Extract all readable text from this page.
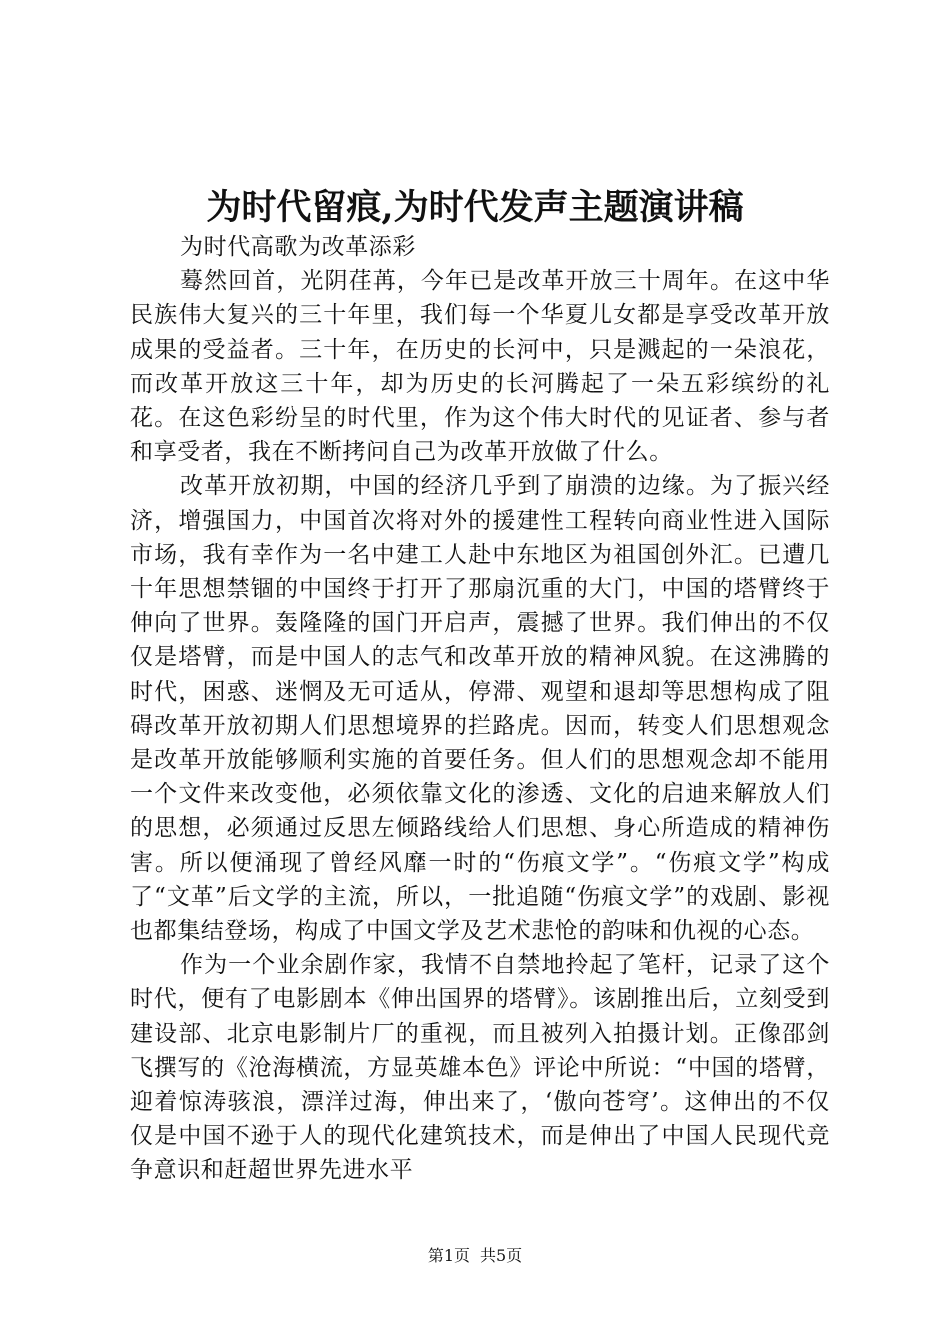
为时代留痕,为时代发声主题演讲稿

为时代高歌为改革添彩

蓦然回首，光阴荏苒，今年已是改革开放三十周年。在这中华民族伟大复兴的三十年里，我们每一个华夏儿女都是享受改革开放成果的受益者。三十年，在历史的长河中，只是溅起的一朵浪花，而改革开放这三十年，却为历史的长河腾起了一朵五彩缤纷的礼花。在这色彩纷呈的时代里，作为这个伟大时代的见证者、参与者和享受者，我在不断拷问自己为改革开放做了什么。

改革开放初期，中国的经济几乎到了崩溃的边缘。为了振兴经济，增强国力，中国首次将对外的援建性工程转向商业性进入国际市场，我有幸作为一名中建工人赴中东地区为祖国创外汇。已遭几十年思想禁锢的中国终于打开了那扇沉重的大门，中国的塔臂终于伸向了世界。轰隆隆的国门开启声，震撼了世界。我们伸出的不仅仅是塔臂，而是中国人的志气和改革开放的精神风貌。在这沸腾的时代，困惑、迷惘及无可适从，停滞、观望和退却等思想构成了阻碍改革开放初期人们思想境界的拦路虎。因而，转变人们思想观念是改革开放能够顺利实施的首要任务。但人们的思想观念却不能用一个文件来改变他，必须依靠文化的渗透、文化的启迪来解放人们的思想，必须通过反思左倾路线给人们思想、身心所造成的精神伤害。所以便涌现了曾经风靡一时的“伤痕文学”。“伤痕文学”构成了“文革”后文学的主流，所以，一批追随“伤痕文学”的戏剧、影视也都集结登场，构成了中国文学及艺术悲怆的韵味和仇视的心态。

作为一个业余剧作家，我情不自禁地拎起了笔杆，记录了这个时代，便有了电影剧本《伸出国界的塔臂》。该剧推出后，立刻受到建设部、北京电影制片厂的重视，而且被列入拍摄计划。正像邵剑飞撰写的《沧海横流，方显英雄本色》评论中所说：“中国的塔臂，迎着惊涛骇浪，漂洋过海，伸出来了，‘傲向苍穹’。这伸出的不仅仅是中国不逊于人的现代化建筑技术，而是伸出了中国人民现代竞争意识和赶超世界先进水平

第1页 共5页
